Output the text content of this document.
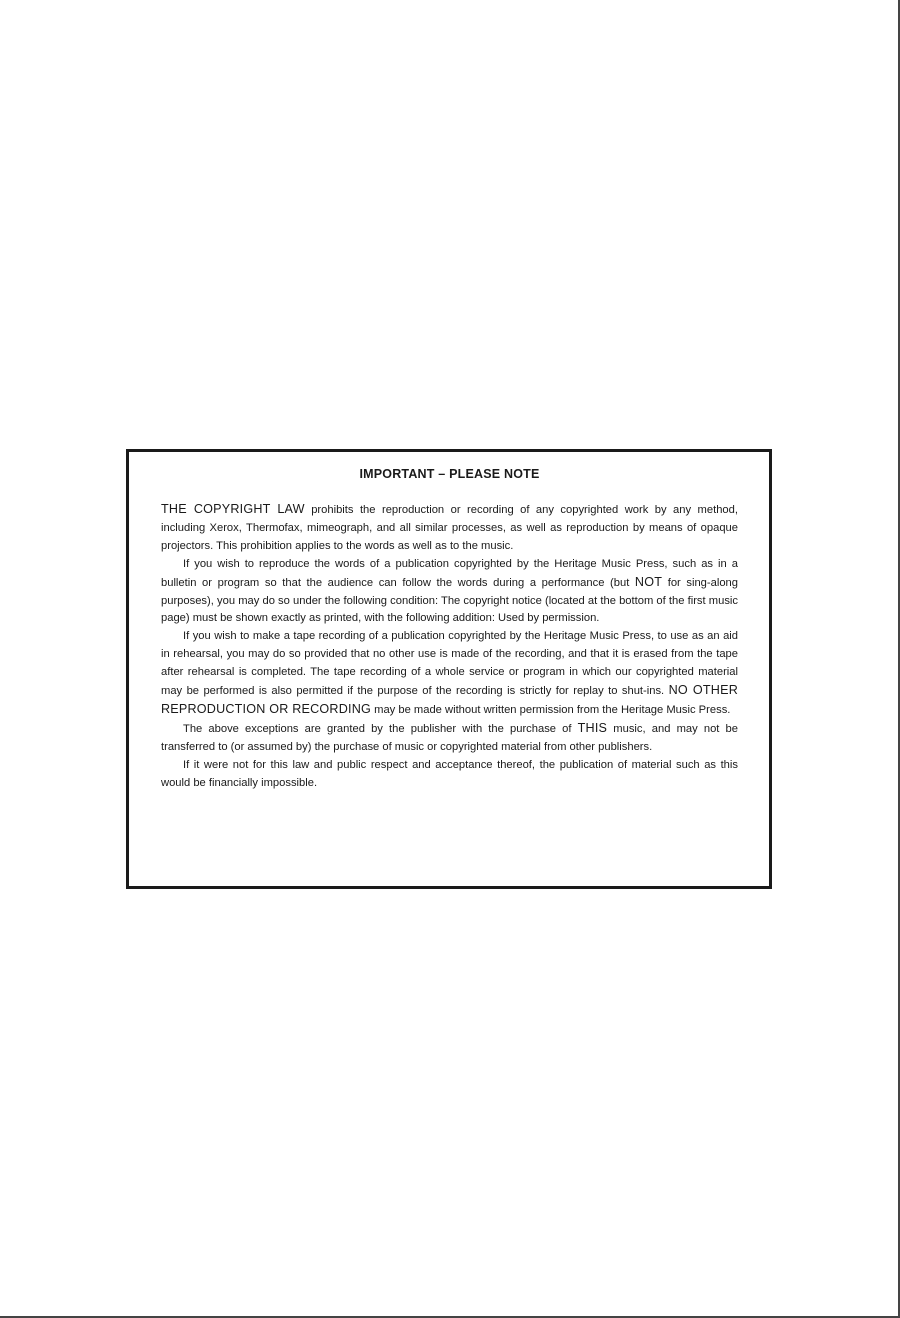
IMPORTANT – PLEASE NOTE

THE COPYRIGHT LAW prohibits the reproduction or recording of any copyrighted work by any method, including Xerox, Thermofax, mimeograph, and all similar processes, as well as reproduction by means of opaque projectors. This prohibition applies to the words as well as to the music.

If you wish to reproduce the words of a publication copyrighted by the Heritage Music Press, such as in a bulletin or program so that the audience can follow the words during a performance (but NOT for sing-along purposes), you may do so under the following condition: The copyright notice (located at the bottom of the first music page) must be shown exactly as printed, with the following addition: Used by permission.

If you wish to make a tape recording of a publication copyrighted by the Heritage Music Press, to use as an aid in rehearsal, you may do so provided that no other use is made of the recording, and that it is erased from the tape after rehearsal is completed. The tape recording of a whole service or program in which our copyrighted material may be performed is also permitted if the purpose of the recording is strictly for replay to shut-ins. NO OTHER REPRODUCTION OR RECORDING may be made without written permission from the Heritage Music Press.

The above exceptions are granted by the publisher with the purchase of THIS music, and may not be transferred to (or assumed by) the purchase of music or copyrighted material from other publishers.

If it were not for this law and public respect and acceptance thereof, the publication of material such as this would be financially impossible.
